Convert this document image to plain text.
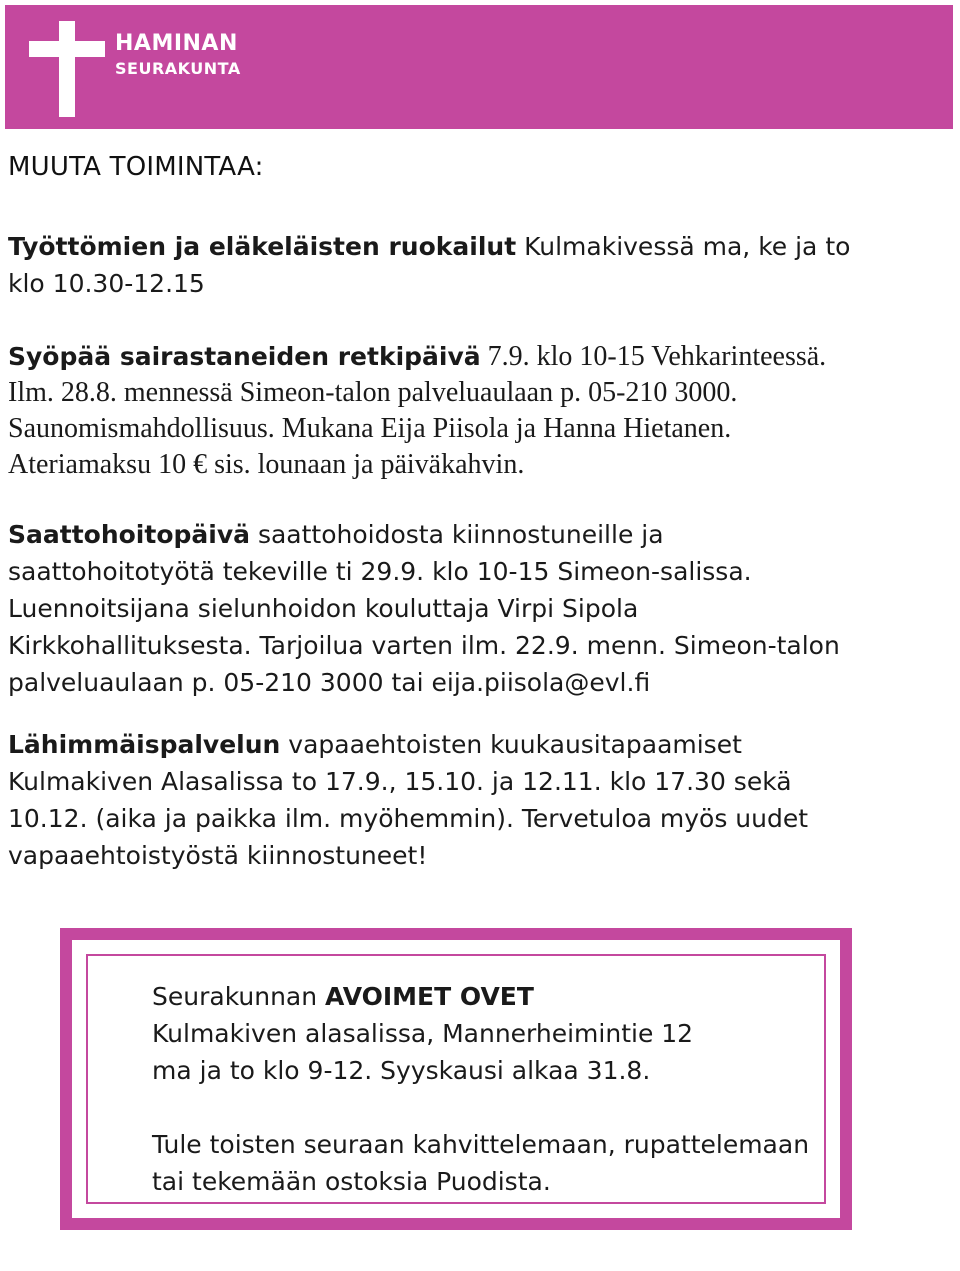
HAMINAN
SEURAKUNTA
MUUTA TOIMINTAA:
Työttömien ja eläkeläisten ruokailut Kulmakivessä ma, ke ja to
klo 10.30-12.15
Syöpää sairastaneiden retkipäivä 7.9. klo 10-15 Vehkarinteessä.
Ilm. 28.8. mennessä Simeon-talon palveluaulaan p. 05-210 3000.
Saunomismahdollisuus. Mukana Eija Piisola ja Hanna Hietanen.
Ateriamaksu 10 € sis. lounaan ja päiväkahvin.
Saattohoitopäivä saattohoidosta kiinnostuneille ja
saattohoitotyötä tekeville ti 29.9. klo 10-15 Simeon-salissa.
Luennoitsijana sielunhoidon kouluttaja Virpi Sipola
Kirkkohallituksesta. Tarjoilua varten ilm. 22.9. menn. Simeon-talon
palveluaulaan p. 05-210 3000 tai eija.piisola@evl.fi
Lähimmäispalvelun vapaaehtoisten kuukausitapaamiset
Kulmakiven Alasalissa to 17.9., 15.10. ja 12.11. klo 17.30 sekä
10.12. (aika ja paikka ilm. myöhemmin). Tervetuloa myös uudet
vapaaehtoistyöstä kiinnostuneet!
Seurakunnan AVOIMET OVET
Kulmakiven alasalissa, Mannerheimintie 12
ma ja to klo 9-12. Syyskausi alkaa 31.8.
Tule toisten seuraan kahvittelemaan, rupattelemaan
tai tekemään ostoksia Puodista.
